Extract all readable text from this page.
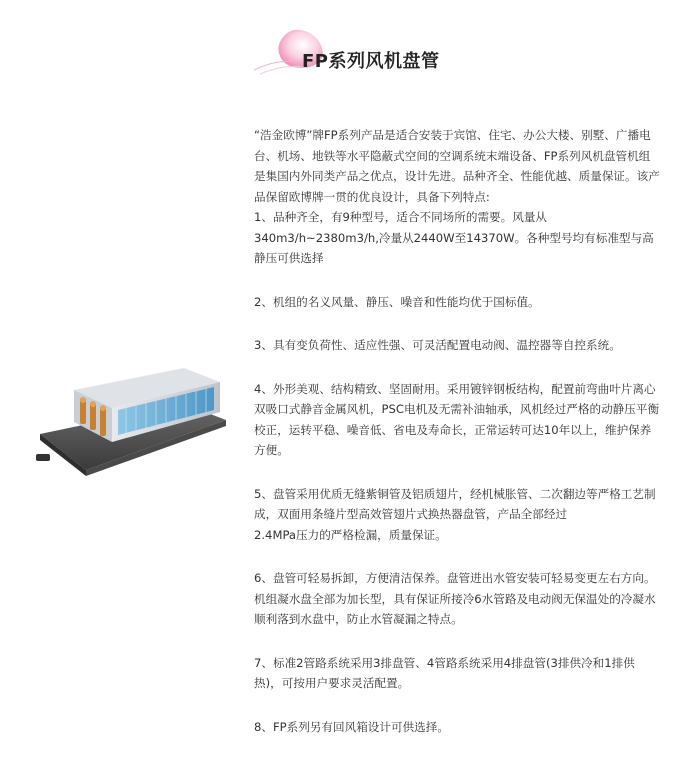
FP系列风机盘管

“浩金欧博”牌FP系列产品是适合安装于宾馆、住宅、办公大楼、别墅、广播电台、机场、地铁等水平隐蔽式空间的空调系统末端设备、FP系列风机盘管机组是集国内外同类产品之优点，设计先进。品种齐全、性能优越、质量保证。该产品保留欧博牌一贯的优良设计，具备下列特点:

1、品种齐全，有9种型号，适合不同场所的需要。风量从
340m3/h~2380m3/h,冷量从2440W至14370W。各种型号均有标准型与高静压可供选择

2、机组的名义风量、静压、噪音和性能均优于国标值。

3、具有变负荷性、适应性强、可灵活配置电动阀、温控器等自控系统。

4、外形美观、结构精致、坚固耐用。采用镀锌钢板结构，配置前弯曲叶片离心双吸口式静音金属风机，PSC电机及无需补油轴承，风机经过严格的动静压平衡校正，运转平稳、噪音低、省电及寿命长，正常运转可达10年以上，维护保养方便。

5、盘管采用优质无缝紫铜管及铝质翅片，经机械胀管、二次翻边等严格工艺制成，双面用条缝片型高效管翅片式换热器盘管，产品全部经过
2.4MPa压力的严格检漏，质量保证。

6、盘管可轻易拆卸，方便清洁保养。盘管进出水管安装可轻易变更左右方向。机组凝水盘全部为加长型，具有保证所接冷6水管路及电动阀无保温处的冷凝水顺利落到水盘中，防止水管凝漏之特点。

7、标准2管路系统采用3排盘管、4管路系统采用4排盘管(3排供冷和1排供热)，可按用户要求灵活配置。

8、FP系列另有回风箱设计可供选择。
